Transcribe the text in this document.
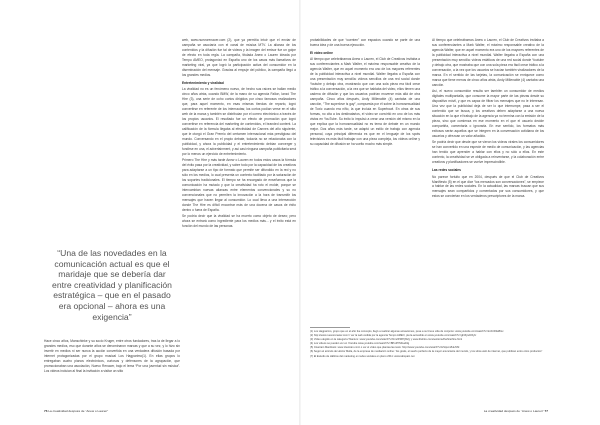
“Una de las novedades en la comunicación actual es que el maridaje que se debería dar entre creatividad y planificación estratégica – que en el pasado era opcional – ahora es una exigencia”

Hace cinco años, Manschinke y su socio Kruger, entre otros fundadores, tras la de llegar a lo grandes medios, eso que durante años se denominaron marcas y que a su vez, y lo hizo sin invertir en medios ni ser nunca la acción convertida en una verdadera difusión basada por internet protagonizadas por el grupo musical Los Hagparimo(1). En ellas grupos lo entregaban cuatro pianos electrónicos, curiosos y defensores de la agrupación, que promocionaban una asociación, Nuevo Renacer, bajo el lema “Por una juventud sin música”. Los videos incluían al final la invitación a visitar un sitio

web, www.nuevorenacer.com (2), que ya permitía intuir que el enviar de campaña se asociaría con el canal de música MTV. La alianza de los contenidos y la difusión fue tal de videos y la imagen del emisor fue un golpe de efecto en toda regla. La campaña, titulada Anew o Lauren ideada por Tempo AMEO, protagonizó en España uno de los casos más llamativos de marketing viral, ya que logró la participación activa del consumidor en la diseminación del mensaje. Gracias al empuje del público, la campaña llegó a los grandes medios.

Entretenimiento y viralidad

La viralidad no es un fenómeno nuevo, de hecho sus raíces se hallan medio cinco años atrás, cuando BMW, de la mano de su agencia Fallon, lanzó The Hire (3), una serie de ocho cortos dirigidos por cinco famosos realizadores que, para aquel momento, en esas mismas tiendas de reparto, logró convertirse en referente de los internautas; los cortos podían verse en el sitio web de la marca y también se distribuían por el correo electrónico a través de los propios usuarios. El resultado fue un efecto de promoción que logró convertirse en referencia del marketing de contenidos, el branded content. La calificación de la fórmula llegaba al efectividad de Cannes del año siguiente, que le otorgó el Gran Premio del certamen internacional más prestigioso del mundo. Conversando en el propio debate, todavía no se relacionaba con la publicidad, y ahora la publicidad y el entretenimiento debían converger y fundirse en una, el advertainment, y así casi ninguna campaña publicitaria será por lo menos un ejercicio de entretenimiento.

Primero The Hire y más tarde Anew o Lauren en todos estos casos la fórmula del éxito pasa por la creatividad, y sobre todo por la capacidad de los creativos para adaptarse a un tipo de formato que permite ser difundido en la red y no sólo en los medios, lo cual presenta un contexto facilitado por la saturación de los soportes tradicionales. El tiempo se ha encargado de enseñarnos que la comunicación ha mutado y que la creatividad ha roto el molde, porque se intercambian nuevas alianzas entre elementos convencionales y su no convencionales que no permiten la innovación a la hora de transmitir los mensajes que hacen llegar al consumidor. Lo cual lleva a una intersección donde The Hire es difícil encontrar más de una docena de casos de éxito dentro o fuera de España.

Se podría decir que la viralidad se ha muerto como objeto de deseo; pero ahora se entrará como ingrediente para los medios más... y el éxito está en función del mundo de las personas.

probabilidades de que “cuenten” con espacios cuando se parte de una buena idea y de una buena ejecución.

El vídeo online

Al tiempo que celebrábamos Anew o Lauren, el Club de Creativos invitaba a sus conferenciantes a Mark Walter, el máximo responsable creativo de la agencia Walter, que en aquel momento era uno de los mayores referentes de la publicidad interactiva a nivel mundial. Walter llegaba a España con una presentación muy sencilla: vídeos sencillos de una red social donde Youtube y debajo otra, mostrando que con una sola pieza era fácil crear tráfico a la conversación, a la vez que se hablaba del video, ellos tienen una cadena de difusión y que los usuarios podrían moverse más allá de otra campaña. Cinco años después, Andy Millenable (4) cantaba de una canción, “The superlove is gay”, compuesta por él sobre la homosexualidad de Toxic cuando era niño, la que incluía en Superbowl. En otras de sus formas, no cita a los destinatarios, el vídeo se convirtió en uno de los más vistos en YouTube. Su éxito lo impulsó a crear una versión del mismo en la que explica que la homosexualidad no es tema de debate en un mundo mejor. Dos años más tarde, se adaptó un estilo de trabajo con agencia personal, cuya principal diferencia es que en el lenguaje de los spots televisivos es más fácil trabajar con una pieza compleja, los vídeos online y su capacidad de difusión se ha vuelto mucho más simple.

Al tiempo que celebrábamos Anew o Lauren, el Club de Creativos invitaba a sus conferenciantes a Mark Walter, el máximo responsable creativo de la agencia Walter, que en aquel momento era uno de los mayores referentes de la publicidad interactiva a nivel mundial. Walter llegaba a España con una presentación muy sencilla: vídeos estáticos de una red social donde Youtube y debajo otra, que mostraba que con una sola pieza era fácil crear tráfico a la conversación, a la vez que los usuarios se hacían también viralizadores de la marca. En el sentido de las tarjetas, la comunicación se enriquece como marca que tiene menos de cinco años atrás, Andy Millenable (4) cantaba una canción.

Así, el nuevo consumidor resulta ser también un consumidor de medios digitales multipantalla, que consume la mayor parte de las piezas desde su dispositivo móvil, y que es capaz de filtrar los mensajes que no le interesan. Una vez que la publicidad deja de ser lo que interrumpe, pasa a ser el contenido que se busca, y los creativos deben adaptarse a una nueva situación en la que el trabajo de la agencia ya no termina con la emisión de la pieza, sino que comienza en ese momento en el que el usuario decide compartirla, comentarla o ignorarla. En ese sentido, los formatos más exitosos serán aquellos que se integren en la conversación cotidiana de los usuarios y ofrezcan un valor añadido.

Se podría decir que desde que se vieron los vídeos virales los consumidores se han convertido en una especie de medio de comunicación, y las agencias han tenido que aprender a hablar con ellos y no sólo a ellos. En este contexto, la creatividad se ve obligada a reinventarse, y la colaboración entre creativos y planificadores se vuelve imprescindible.

Las redes sociales

No parece fortuito que en 2004, después de que el Club de Creativos Manifiesto (5) en el que dice “los mercados son conversaciones”, se empiece a hablar de las redes sociales. En la actualidad, las marcas buscan que sus mensajes sean compartidos y comentados por sus consumidores, y que estos se conviertan en los verdaderos prescriptores de la marca.

(1) Los Hagparimo, grupo que en el año fue concepto, llegó a realizar algunas actuaciones, pese a su breve vida de conjunto: www.youtube.com/watch?v=knhtrD3eBGc
(2) http://www.nuevorenacer.com/ / ver la web cedida por la agencia Tempo AMEO, pieza accesible en www.youtube.com/watch?v=gF3fyw0r6yU
(3) Vídeo elegido en la categoría Titanium: www.youtube.com/watch?v=Nm2P4lPQ9Vg y www.thehire.com/sections/thehire/hire.html
(4) Los vídeos se pueden ver en Youtube www.youtube.com/watch?v=BPuRYMGa04g
(5) Cluetrain Manifesto: www.cluetrain.com/ o ver el vídeo que plantea las tesis: http://www.youtube.com/watch?v=HStpxm8uHVM
(6) Según el artículo de Héctor Mella, de la empresa de mediación online: “Es gratis, el sueño perfecto de la mayor anunciante del mundo, y los sitios web de internet, que publican entre otros productos”
(7) El Estudio de Hábitos del marketing en redes sociales en pleno 2011: www.iabspain.net
76 La creatividad después de “Anew o Lauren”	La creatividad después de “Anew o Lauren” 77
